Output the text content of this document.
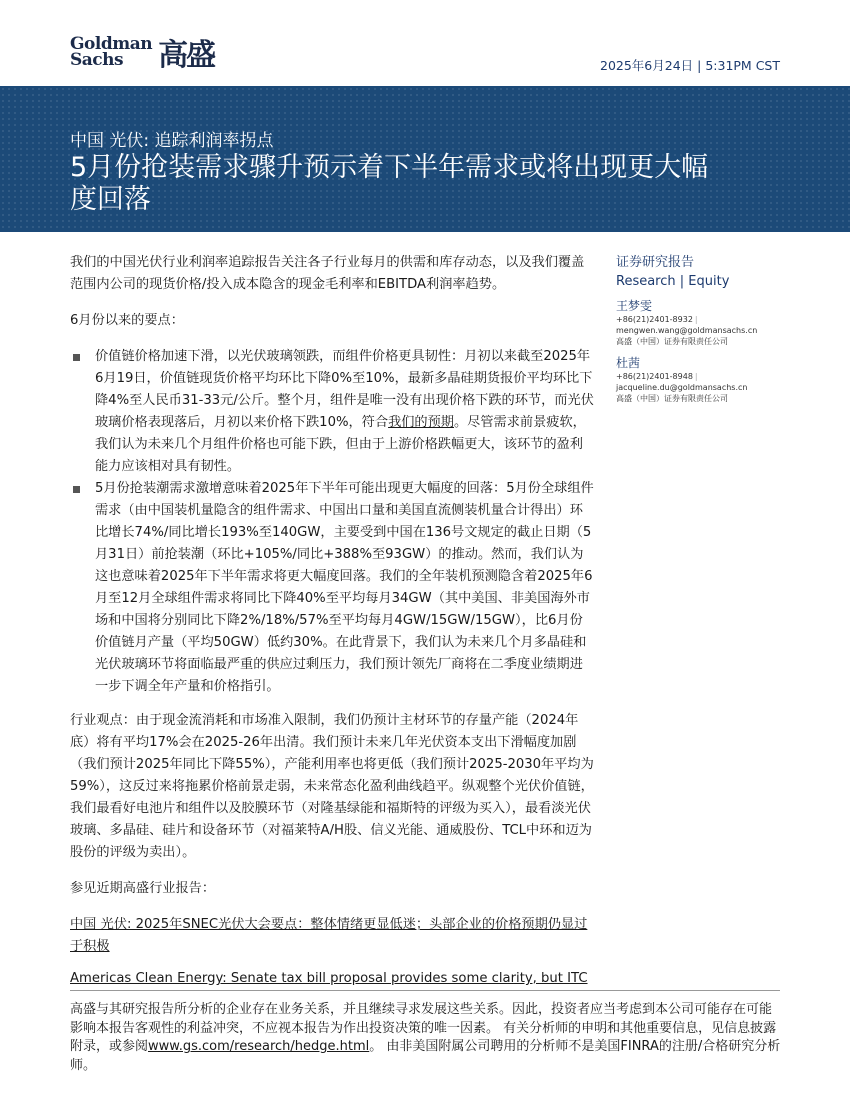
Goldman
Sachs	高盛	2025年6月24日 | 5:31PM CST
中国 光伏: 追踪利润率拐点
5月份抢装需求骤升预示着下半年需求或将出现更大幅度回落

我们的中国光伏行业利润率追踪报告关注各子行业每月的供需和库存动态，以及我们覆盖范围内公司的现货价格/投入成本隐含的现金毛利率和EBITDA利润率趋势。

6月份以来的要点：

价值链价格加速下滑，以光伏玻璃领跌，而组件价格更具韧性：月初以来截至2025年6月19日，价值链现货价格平均环比下降0%至10%，最新多晶硅期货报价平均环比下降4%至人民币31-33元/公斤。整个月，组件是唯一没有出现价格下跌的环节，而光伏玻璃价格表现落后，月初以来价格下跌10%，符合我们的预期。尽管需求前景疲软，我们认为未来几个月组件价格也可能下跌，但由于上游价格跌幅更大，该环节的盈利能力应该相对具有韧性。
5月份抢装潮需求激增意味着2025年下半年可能出现更大幅度的回落：5月份全球组件需求（由中国装机量隐含的组件需求、中国出口量和美国直流侧装机量合计得出）环比增长74%/同比增长193%至140GW，主要受到中国在136号文规定的截止日期（5月31日）前抢装潮（环比+105%/同比+388%至93GW）的推动。然而，我们认为这也意味着2025年下半年需求将更大幅度回落。我们的全年装机预测隐含着2025年6月至12月全球组件需求将同比下降40%至平均每月34GW（其中美国、非美国海外市场和中国将分别同比下降2%/18%/57%至平均每月4GW/15GW/15GW），比6月份价值链月产量（平均50GW）低约30%。在此背景下，我们认为未来几个月多晶硅和光伏玻璃环节将面临最严重的供应过剩压力，我们预计领先厂商将在二季度业绩期进一步下调全年产量和价格指引。

行业观点：由于现金流消耗和市场准入限制，我们仍预计主材环节的存量产能（2024年底）将有平均17%会在2025-26年出清。我们预计未来几年光伏资本支出下滑幅度加剧（我们预计2025年同比下降55%），产能利用率也将更低（我们预计2025-2030年平均为59%），这反过来将拖累价格前景走弱，未来常态化盈利曲线趋平。纵观整个光伏价值链，我们最看好电池片和组件以及胶膜环节（对隆基绿能和福斯特的评级为买入），最看淡光伏玻璃、多晶硅、硅片和设备环节（对福莱特A/H股、信义光能、通威股份、TCL中环和迈为股份的评级为卖出）。

参见近期高盛行业报告：

中国 光伏: 2025年SNEC光伏大会要点：整体情绪更显低迷；头部企业的价格预期仍显过于积极
Americas Clean Energy: Senate tax bill proposal provides some clarity, but ITC
证券研究报告
Research | Equity
王梦雯
+86(21)2401-8932 |
mengwen.wang@goldmansachs.cn
高盛（中国）证券有限责任公司
杜茜
+86(21)2401-8948 |
jacqueline.du@goldmansachs.cn
高盛（中国）证券有限责任公司
高盛与其研究报告所分析的企业存在业务关系，并且继续寻求发展这些关系。因此，投资者应当考虑到本公司可能存在可能影响本报告客观性的利益冲突，不应视本报告为作出投资决策的唯一因素。 有关分析师的申明和其他重要信息，见信息披露附录，或参阅www.gs.com/research/hedge.html。 由非美国附属公司聘用的分析师不是美国FINRA的注册/合格研究分析师。
